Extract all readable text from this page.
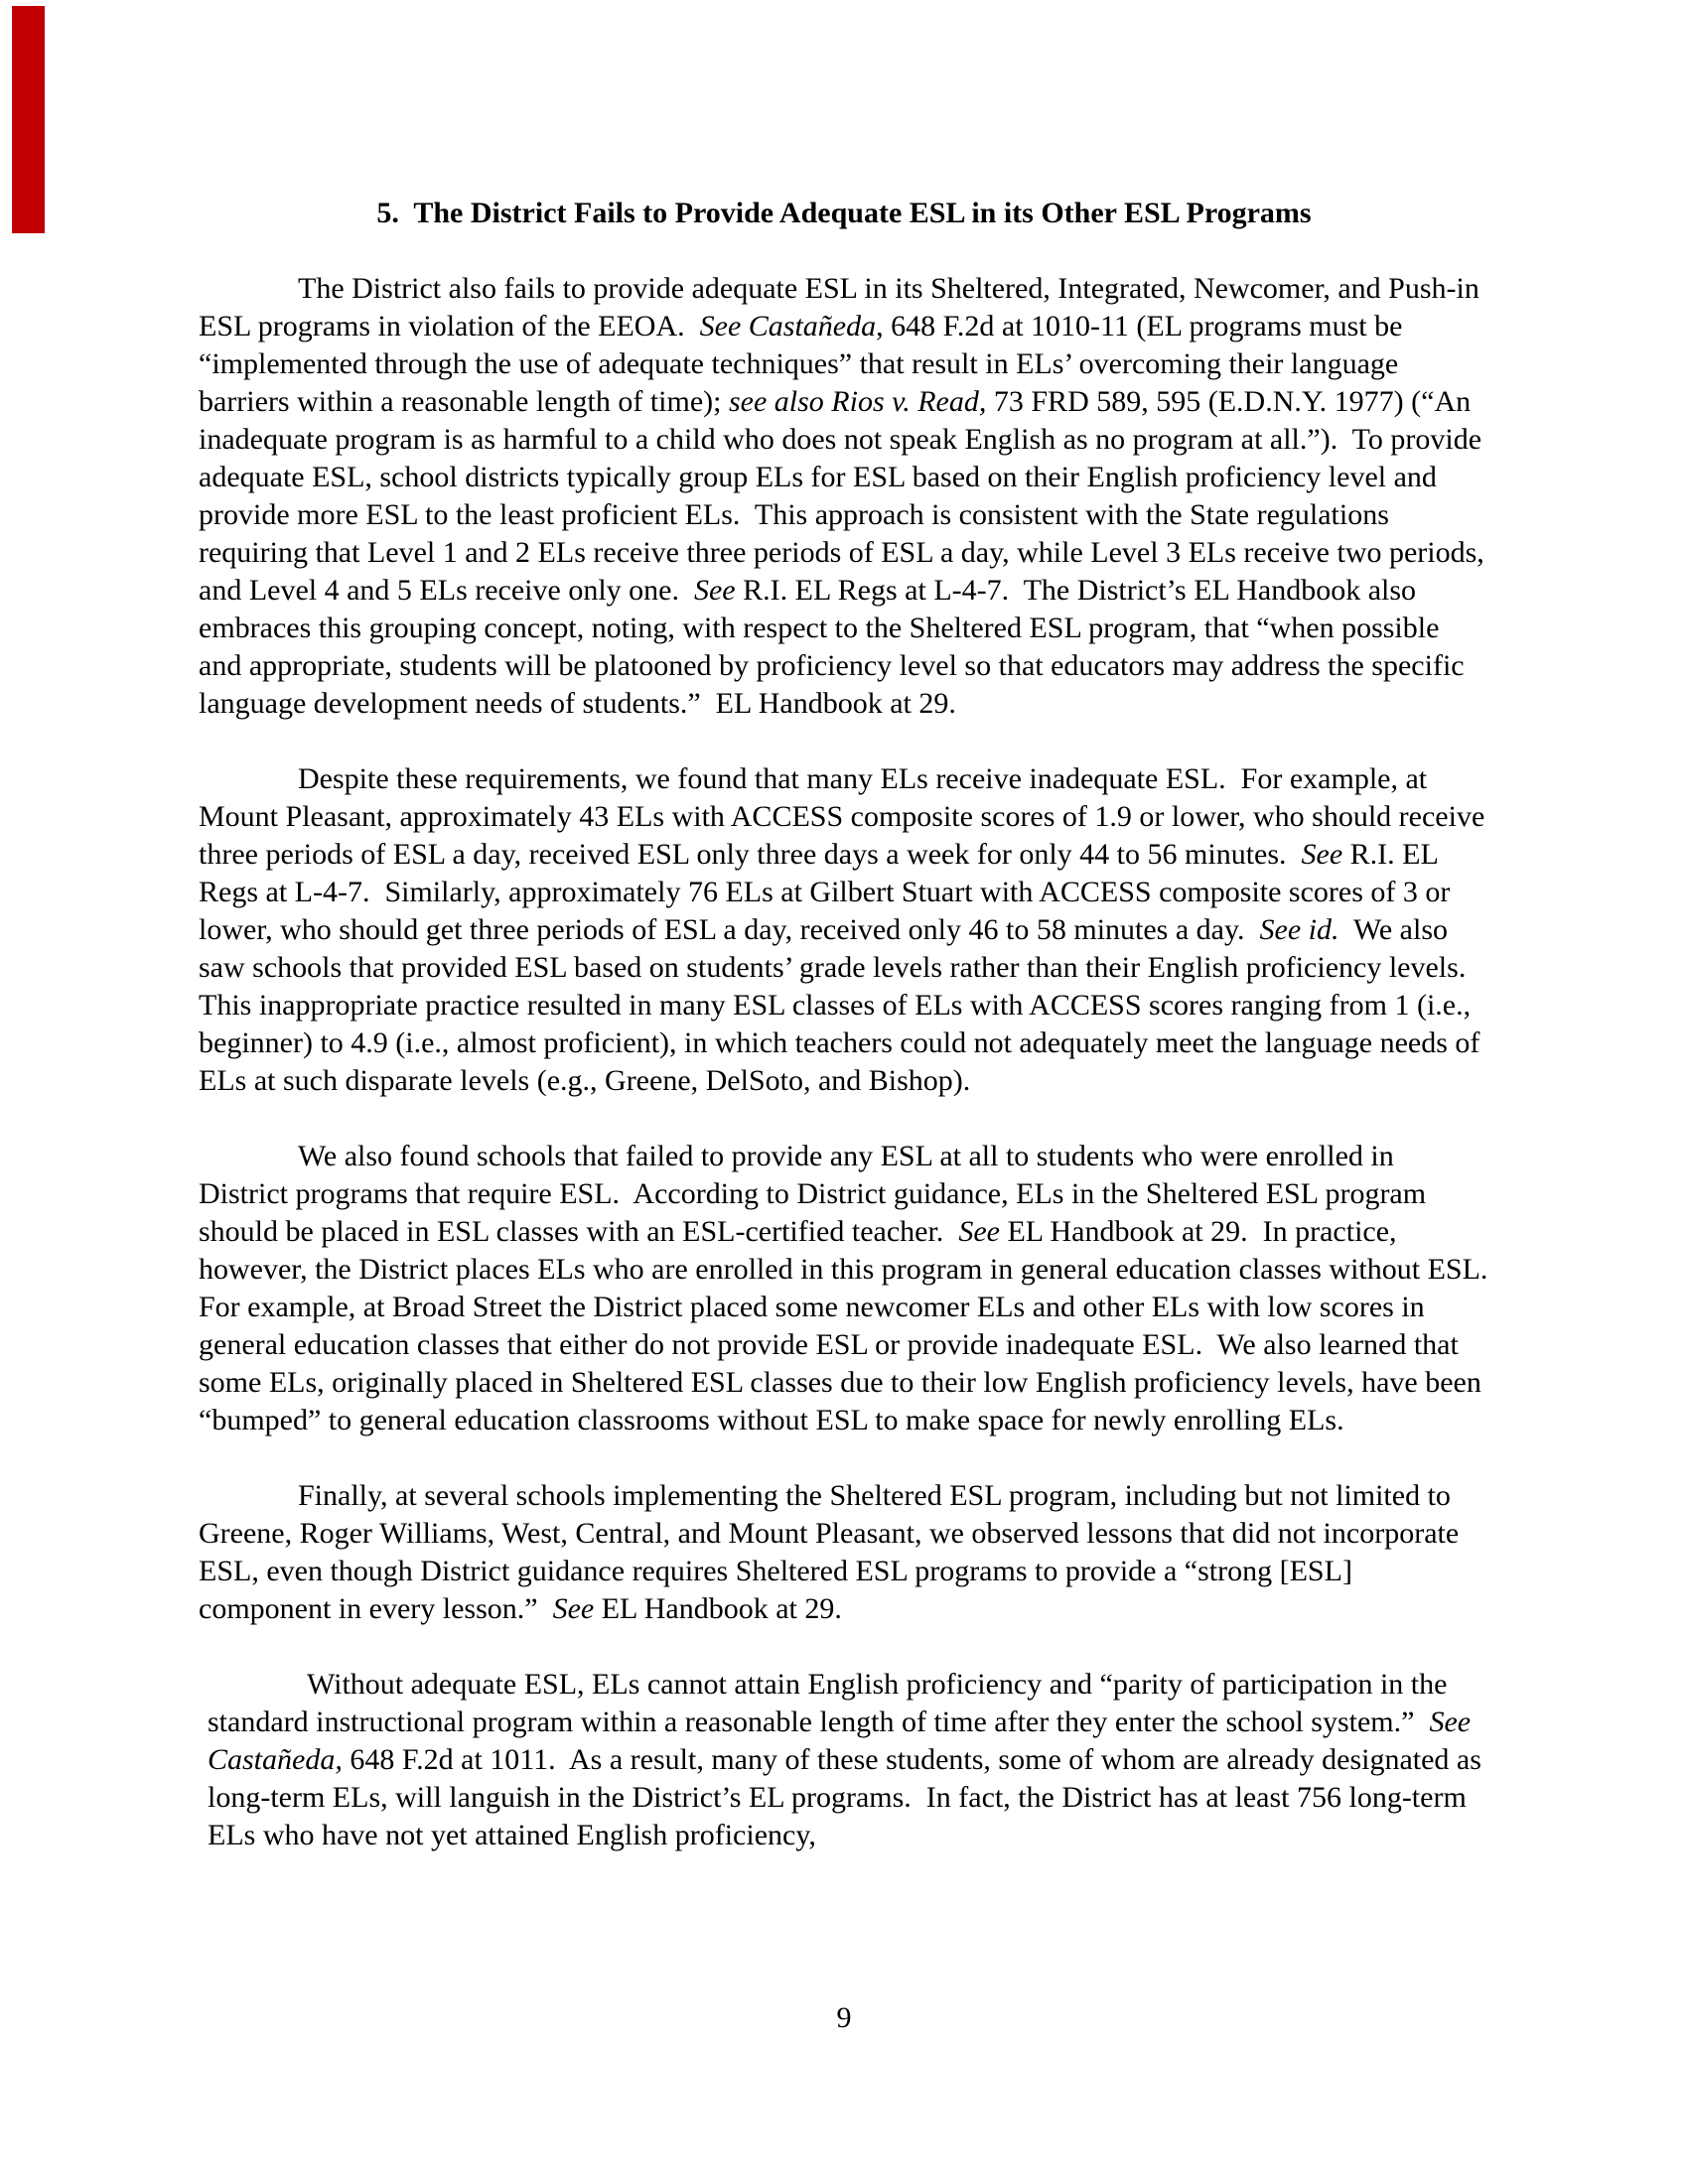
5.  The District Fails to Provide Adequate ESL in its Other ESL Programs

The District also fails to provide adequate ESL in its Sheltered, Integrated, Newcomer, and Push-in ESL programs in violation of the EEOA.  See Castañeda, 648 F.2d at 1010-11 (EL programs must be “implemented through the use of adequate techniques” that result in ELs’ overcoming their language barriers within a reasonable length of time); see also Rios v. Read, 73 FRD 589, 595 (E.D.N.Y. 1977) (“An inadequate program is as harmful to a child who does not speak English as no program at all.”).  To provide adequate ESL, school districts typically group ELs for ESL based on their English proficiency level and provide more ESL to the least proficient ELs.  This approach is consistent with the State regulations requiring that Level 1 and 2 ELs receive three periods of ESL a day, while Level 3 ELs receive two periods, and Level 4 and 5 ELs receive only one.  See R.I. EL Regs at L-4-7.  The District’s EL Handbook also embraces this grouping concept, noting, with respect to the Sheltered ESL program, that “when possible and appropriate, students will be platooned by proficiency level so that educators may address the specific language development needs of students.”  EL Handbook at 29.

Despite these requirements, we found that many ELs receive inadequate ESL.  For example, at Mount Pleasant, approximately 43 ELs with ACCESS composite scores of 1.9 or lower, who should receive three periods of ESL a day, received ESL only three days a week for only 44 to 56 minutes.  See R.I. EL Regs at L-4-7.  Similarly, approximately 76 ELs at Gilbert Stuart with ACCESS composite scores of 3 or lower, who should get three periods of ESL a day, received only 46 to 58 minutes a day.  See id.  We also saw schools that provided ESL based on students’ grade levels rather than their English proficiency levels.  This inappropriate practice resulted in many ESL classes of ELs with ACCESS scores ranging from 1 (i.e., beginner) to 4.9 (i.e., almost proficient), in which teachers could not adequately meet the language needs of ELs at such disparate levels (e.g., Greene, DelSoto, and Bishop).

We also found schools that failed to provide any ESL at all to students who were enrolled in District programs that require ESL.  According to District guidance, ELs in the Sheltered ESL program should be placed in ESL classes with an ESL-certified teacher.  See EL Handbook at 29.  In practice, however, the District places ELs who are enrolled in this program in general education classes without ESL.  For example, at Broad Street the District placed some newcomer ELs and other ELs with low scores in general education classes that either do not provide ESL or provide inadequate ESL.  We also learned that some ELs, originally placed in Sheltered ESL classes due to their low English proficiency levels, have been “bumped” to general education classrooms without ESL to make space for newly enrolling ELs.

Finally, at several schools implementing the Sheltered ESL program, including but not limited to Greene, Roger Williams, West, Central, and Mount Pleasant, we observed lessons that did not incorporate ESL, even though District guidance requires Sheltered ESL programs to provide a “strong [ESL] component in every lesson.”  See EL Handbook at 29.

Without adequate ESL, ELs cannot attain English proficiency and “parity of participation in the standard instructional program within a reasonable length of time after they enter the school system.”  See Castañeda, 648 F.2d at 1011.  As a result, many of these students, some of whom are already designated as long-term ELs, will languish in the District’s EL programs.  In fact, the District has at least 756 long-term ELs who have not yet attained English proficiency,

9
